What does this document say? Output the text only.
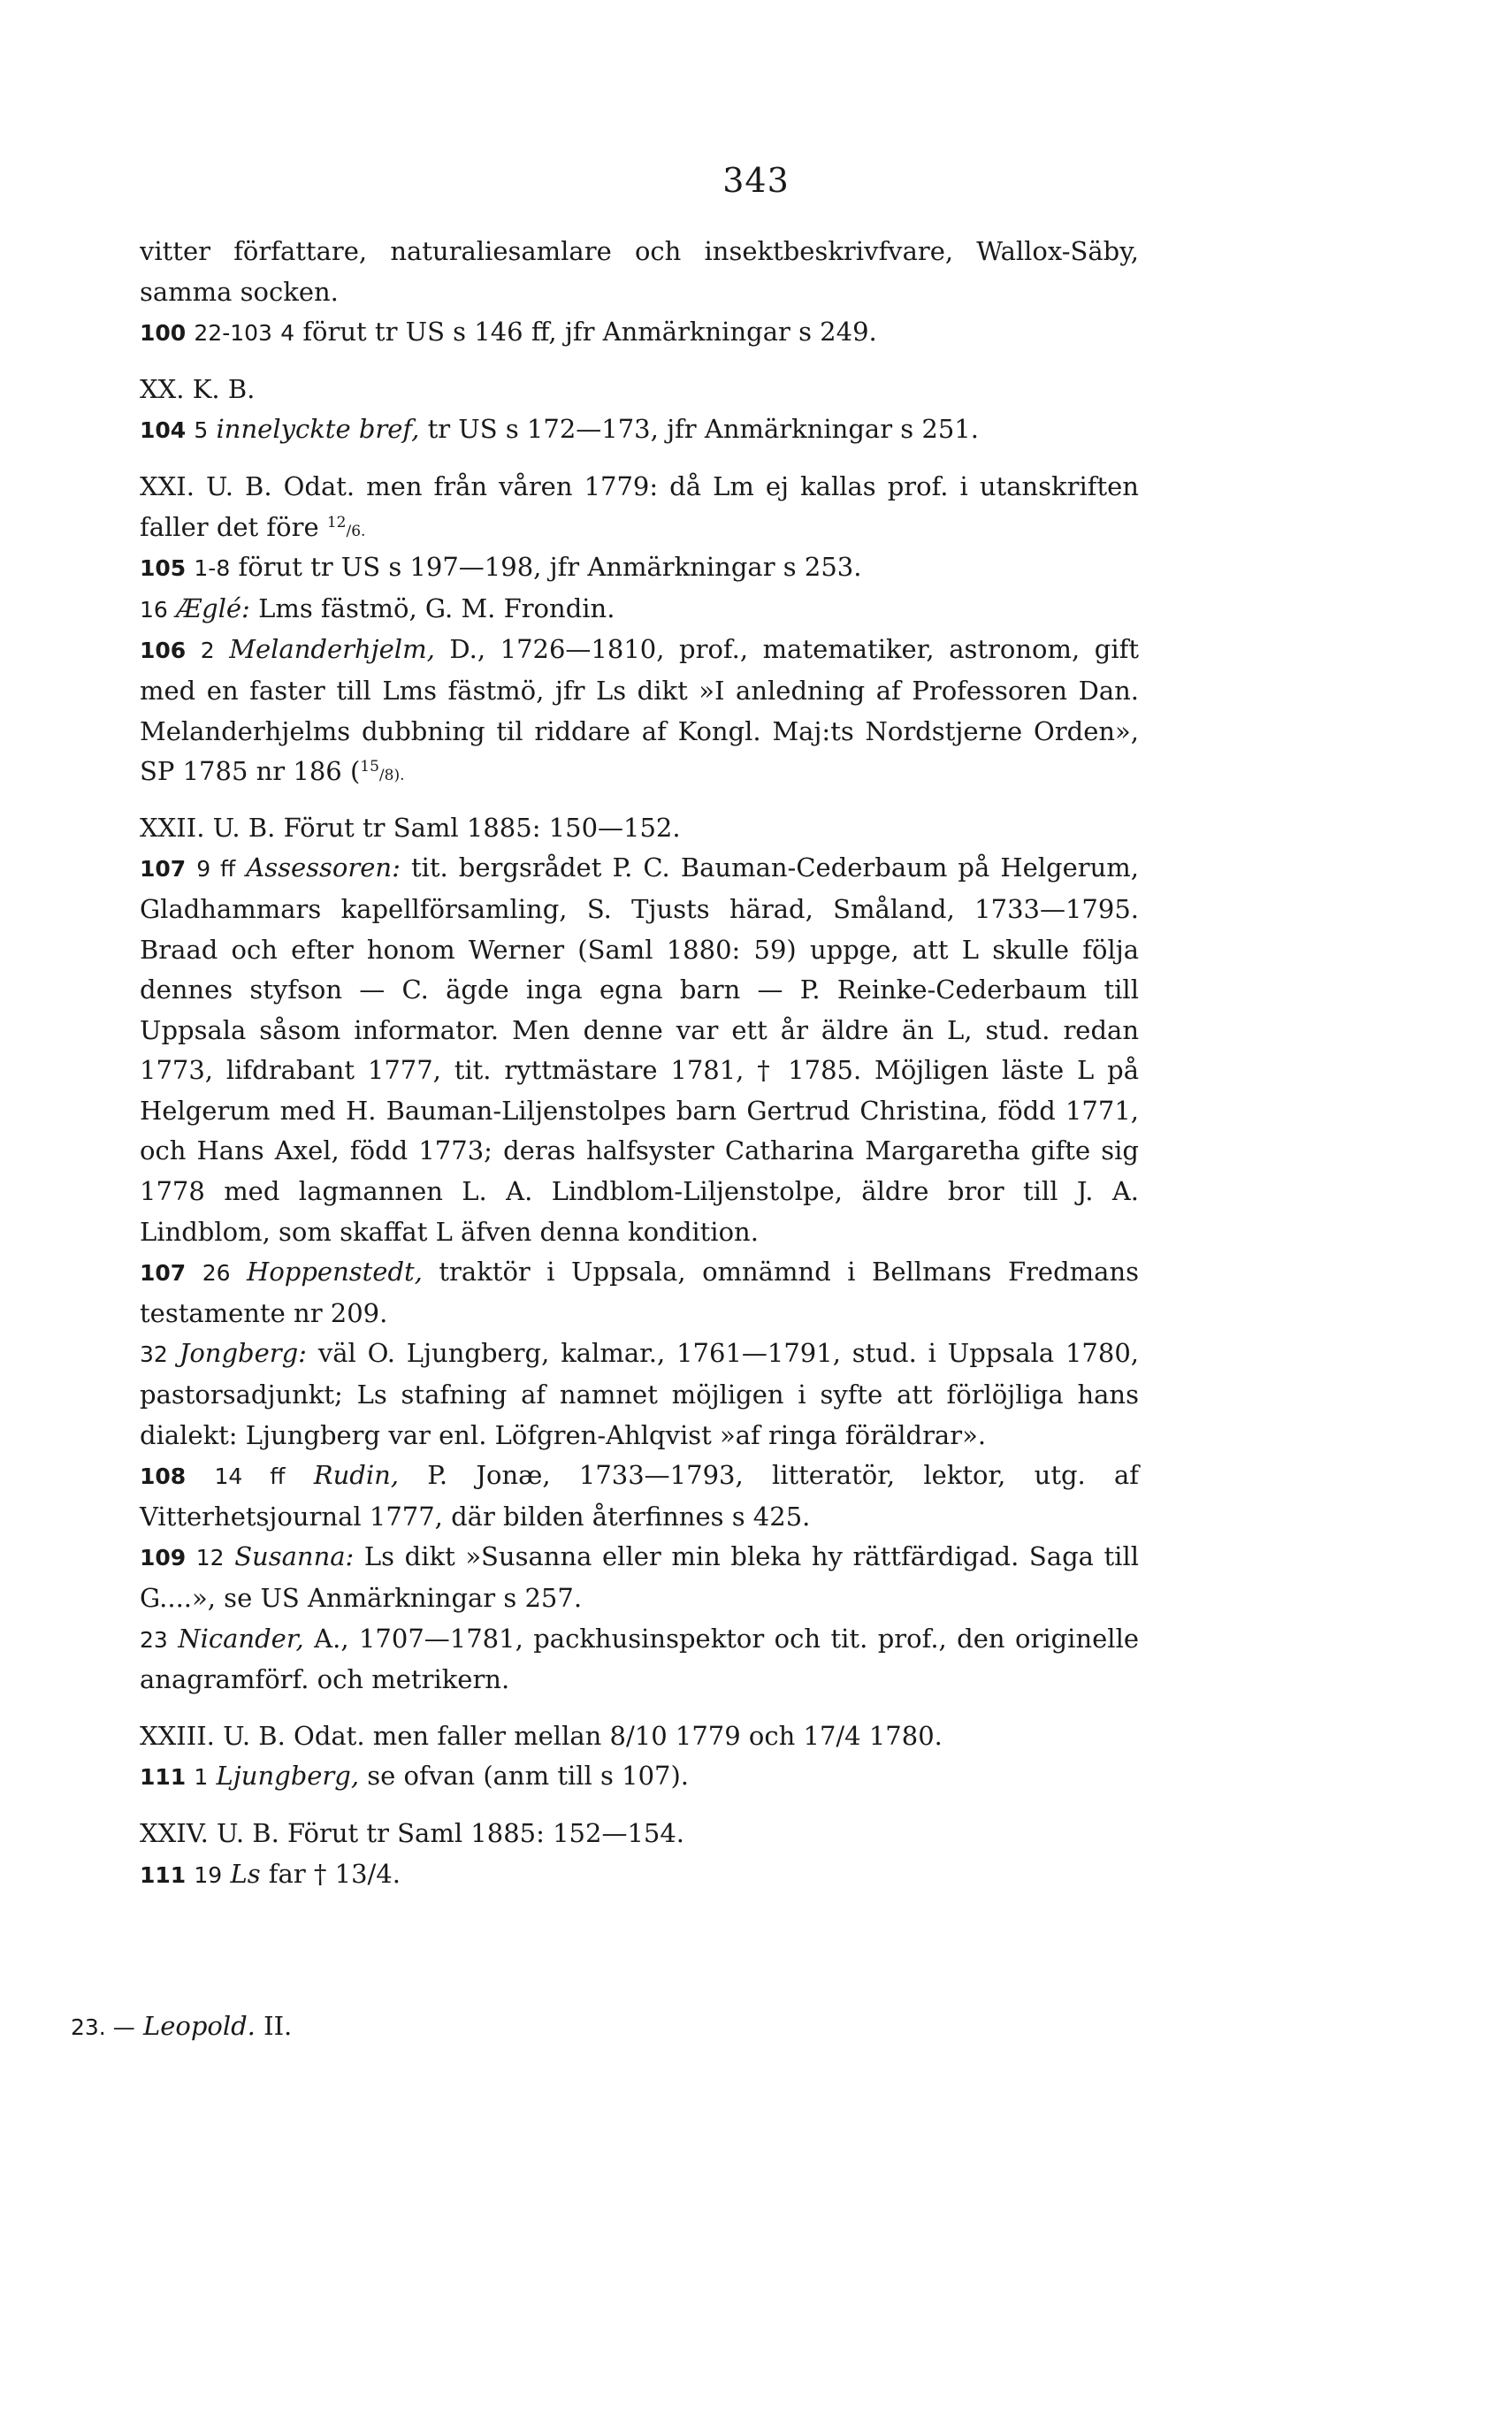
343

vitter författare, naturaliesamlare och insektbeskrivfvare, Wallox-Säby, samma socken.

100 22-103 4 förut tr US s 146 ff, jfr Anmärkningar s 249.

XX. K. B.

104 5 innelyckte bref, tr US s 172—173, jfr Anmärkningar s 251.

XXI. U. B. Odat. men från våren 1779: då Lm ej kallas prof. i utanskriften faller det före $^{12}$/6.

105 1-8 förut tr US s 197—198, jfr Anmärkningar s 253.

16 Æglé: Lms fästmö, G. M. Frondin.

106 2 Melanderhjelm, D., 1726—1810, prof., matematiker, astronom, gift med en faster till Lms fästmö, jfr Ls dikt »I anledning af Professoren Dan. Melanderhjelms dubbning til riddare af Kongl. Maj:ts Nordstjerne Orden», SP 1785 nr 186 ($^{15}$/8).

XXII. U. B. Förut tr Saml 1885: 150—152.

107 9 ff Assessoren: tit. bergsrådet P. C. Bauman-Cederbaum på Helgerum, Gladhammars kapellförsamling, S. Tjusts härad, Småland, 1733—1795. Braad och efter honom Werner (Saml 1880: 59) uppge, att L skulle följa dennes styfson — C. ägde inga egna barn — P. Reinke-Cederbaum till Uppsala såsom informator. Men denne var ett år äldre än L, stud. redan 1773, lifdrabant 1777, tit. ryttmästare 1781, † 1785. Möjligen läste L på Helgerum med H. Bauman-Liljenstolpes barn Gertrud Christina, född 1771, och Hans Axel, född 1773; deras halfsyster Catharina Margaretha gifte sig 1778 med lagmannen L. A. Lindblom-Liljenstolpe, äldre bror till J. A. Lindblom, som skaffat L äfven denna kondition.

107 26 Hoppenstedt, traktör i Uppsala, omnämnd i Bellmans Fredmans testamente nr 209.

32 Jongberg: väl O. Ljungberg, kalmar., 1761—1791, stud. i Uppsala 1780, pastorsadjunkt; Ls stafning af namnet möjligen i syfte att förlöjliga hans dialekt: Ljungberg var enl. Löfgren-Ahlqvist »af ringa föräldrar».

108 14 ff Rudin, P. Jonæ, 1733—1793, litteratör, lektor, utg. af Vitterhetsjournal 1777, där bilden återfinnes s 425.

109 12 Susanna: Ls dikt »Susanna eller min bleka hy rättfärdigad. Saga till G....», se US Anmärkningar s 257.

23 Nicander, A., 1707—1781, packhusinspektor och tit. prof., den originelle anagramförf. och metrikern.

XXIII. U. B. Odat. men faller mellan 8/10 1779 och 17/4 1780.

111 1 Ljungberg, se ofvan (anm till s 107).

XXIV. U. B. Förut tr Saml 1885: 152—154.

111 19 Ls far † 13/4.

23. — Leopold. II.
